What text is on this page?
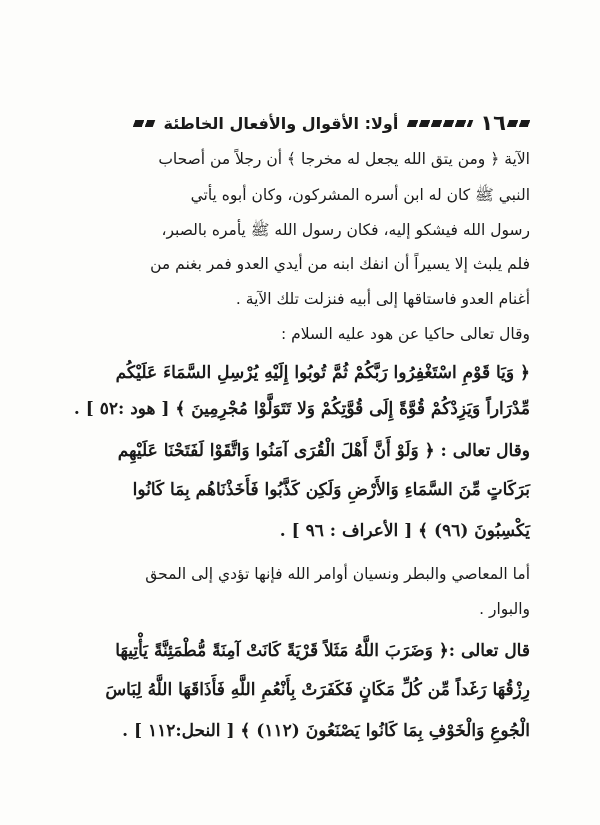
١٦
أولا: الأقوال والأفعال الخاطئة
الآية ﴿ ومن يتق الله يجعل له مخرجا ﴾ أن رجلاً من أصحاب
النبي ﷺ كان له ابن أسره المشركون، وكان أبوه يأتي
رسول الله فيشكو إليه، فكان رسول الله ﷺ يأمره بالصبر،
فلم يلبث إلا يسيراً أن انفك ابنه من أيدي العدو فمر بغنم من
أغنام العدو فاستاقها إلى أبيه فنزلت تلك الآية .
وقال تعالى حاكيا عن هود عليه السلام :
﴿ وَيَا قَوْمِ اسْتَغْفِرُوا رَبَّكُمْ ثُمَّ تُوبُوا إِلَيْهِ يُرْسِلِ السَّمَاءَ عَلَيْكُم
مِّدْرَاراً وَيَزِدْكُمْ قُوَّةً إِلَى قُوَّتِكُمْ وَلا تَتَوَلَّوْا مُجْرِمِينَ ﴾ [ هود :٥٢ ] .
وقال تعالى : ﴿ وَلَوْ أَنَّ أَهْلَ الْقُرَى آمَنُوا وَاتَّقَوْا لَفَتَحْنَا عَلَيْهِم
بَرَكَاتٍ مِّنَ السَّمَاءِ وَالأَرْضِ وَلَكِن كَذَّبُوا فَأَخَذْنَاهُم بِمَا كَانُوا
يَكْسِبُونَ (٩٦) ﴾ [ الأعراف : ٩٦ ] .
أما المعاصي والبطر ونسيان أوامر الله فإنها تؤدي إلى المحق
والبوار .
قال تعالى :﴿ وَضَرَبَ اللَّهُ مَثَلاً قَرْيَةً كَانَتْ آمِنَةً مُّطْمَئِنَّةً يَأْتِيهَا
رِزْقُهَا رَغَداً مِّن كُلِّ مَكَانٍ فَكَفَرَتْ بِأَنْعُمِ اللَّهِ فَأَذَاقَهَا اللَّهُ لِبَاسَ
الْجُوعِ وَالْخَوْفِ بِمَا كَانُوا يَصْنَعُونَ (١١٢) ﴾ [ النحل:١١٢ ] .
